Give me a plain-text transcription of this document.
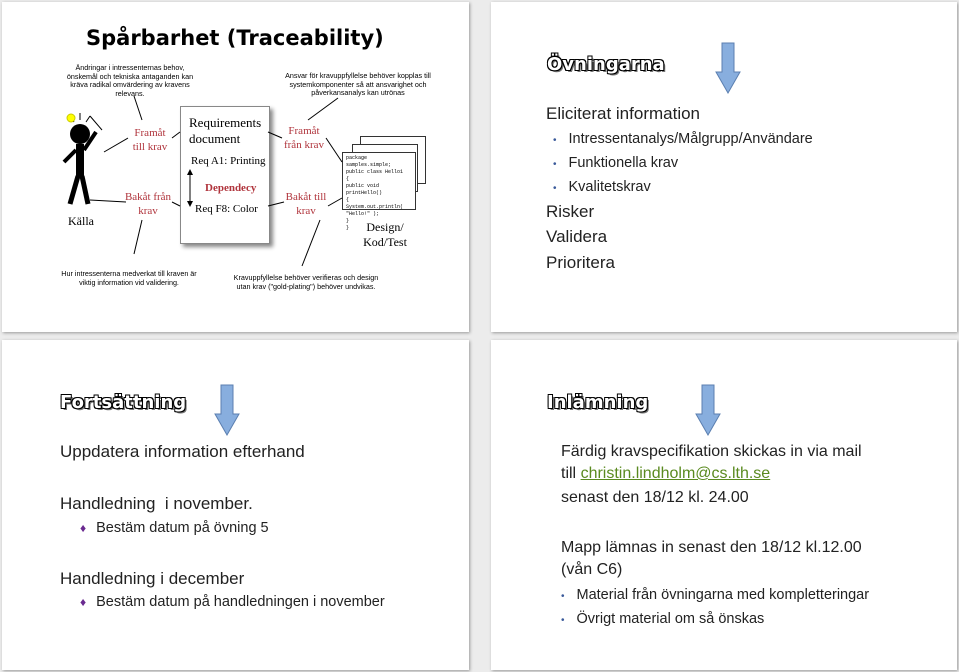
Spårbarhet (Traceability)
Ändringar i intressenternas behov, önskemål och tekniska antaganden kan kräva radikal omvärdering av kravens relevans.
Ansvar för kravuppfyllelse behöver kopplas till systemkomponenter så att ansvarighet och påverkansanalys kan utrönas
Källa
Framåt till krav
Bakåt från krav
Requirements document
Req A1: Printing
Dependecy
Req F8: Color
Framåt från krav
Bakåt till krav
package samples.simple;
public class Hello1
{
public void printHello()
{
System.out.println( "Hello!" );
}
}	Design/ Kod/Test
Hur intressenterna medverkat till kraven är viktig information vid validering.	Kravuppfyllelse behöver verifieras och design utan krav ("gold-plating") behöver undvikas.
Övningarna
Eliciterat information
• Intressentanalys/Målgrupp/Användare
• Funktionella krav
• Kvalitetskrav
Risker
Validera
Prioritera
Fortsättning
Uppdatera information efterhand
Handledning  i november.
♦ Bestäm datum på övning 5
Handledning i december
♦ Bestäm datum på handledningen i november
Inlämning
Färdig kravspecifikation skickas in via mail
till christin.lindholm@cs.lth.se
senast den 18/12 kl. 24.00
Mapp lämnas in senast den 18/12 kl.12.00
(vån C6)
• Material från övningarna med kompletteringar
• Övrigt material om så önskas
